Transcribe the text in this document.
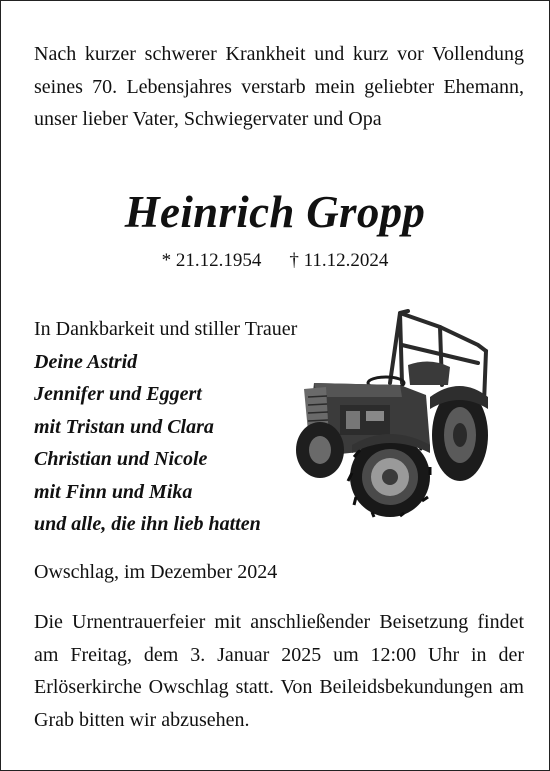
Nach kurzer schwerer Krankheit und kurz vor Vollendung seines 70. Lebensjahres verstarb mein geliebter Ehemann, unser lieber Vater, Schwiegervater und Opa

Heinrich Gropp
* 21.12.1954 † 11.12.2024
In Dankbarkeit und stiller Trauer
Deine Astrid
Jennifer und Eggert
mit Tristan und Clara
Christian und Nicole
mit Finn und Mika
und alle, die ihn lieb hatten
Owschlag, im Dezember 2024

Die Urnentrauerfeier mit anschließender Beisetzung findet am Freitag, dem 3. Januar 2025 um 12:00 Uhr in der Erlöserkirche Owschlag statt. Von Beileidsbekundungen am Grab bitten wir abzusehen.
